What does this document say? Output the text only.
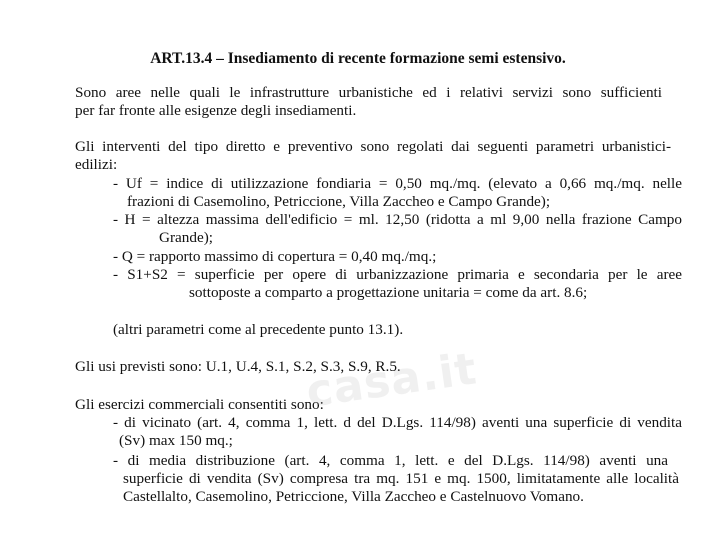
ART.13.4 – Insediamento di recente formazione semi estensivo.
Sono aree nelle quali le infrastrutture urbanistiche ed i relativi servizi sono sufficienti
per far fronte alle esigenze degli insediamenti.
Gli interventi del tipo diretto e preventivo sono regolati dai seguenti parametri urbanistici-
edilizi:
- Uf = indice di utilizzazione fondiaria = 0,50 mq./mq. (elevato a 0,66 mq./mq. nelle
frazioni di Casemolino, Petriccione, Villa Zaccheo e Campo Grande);
- H = altezza massima dell'edificio = ml. 12,50 (ridotta a ml 9,00 nella frazione Campo
Grande);
- Q = rapporto massimo di copertura = 0,40 mq./mq.;
- S1+S2 = superficie per opere di urbanizzazione primaria e secondaria per le aree
sottoposte a comparto a progettazione unitaria = come da art. 8.6;
(altri parametri come al precedente punto 13.1).
Gli usi previsti sono: U.1, U.4, S.1, S.2, S.3, S.9, R.5.
Gli esercizi commerciali consentiti sono:
- di vicinato (art. 4, comma 1, lett. d del D.Lgs. 114/98) aventi una superficie di vendita
(Sv) max 150 mq.;
- di media distribuzione (art. 4, comma 1, lett. e del D.Lgs. 114/98) aventi una
superficie di vendita (Sv) compresa tra mq. 151 e mq. 1500, limitatamente alle località
Castellalto, Casemolino, Petriccione, Villa Zaccheo e Castelnuovo Vomano.
casa.it
